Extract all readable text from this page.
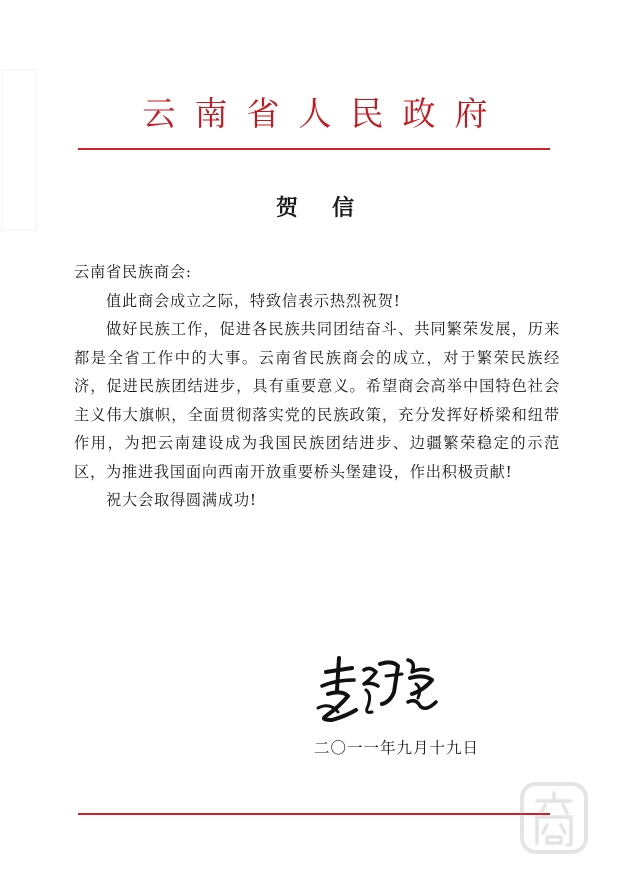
云南省人民政府
贺信

云南省民族商会:

值此商会成立之际，特致信表示热烈祝贺!

做好民族工作，促进各民族共同团结奋斗、共同繁荣发展，历来都是全省工作中的大事。云南省民族商会的成立，对于繁荣民族经济，促进民族团结进步，具有重要意义。希望商会高举中国特色社会主义伟大旗帜，全面贯彻落实党的民族政策，充分发挥好桥梁和纽带作用，为把云南建设成为我国民族团结进步、边疆繁荣稳定的示范区，为推进我国面向西南开放重要桥头堡建设，作出积极贡献!

祝大会取得圆满成功!

二〇一一年九月十九日
